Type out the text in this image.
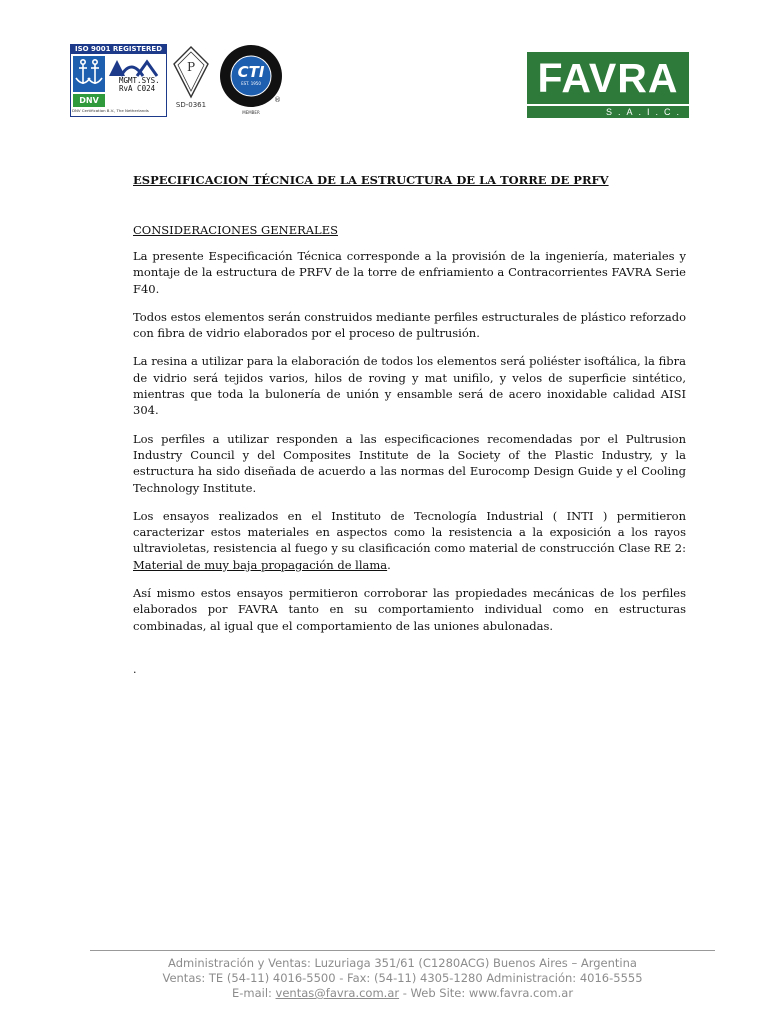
ISO 9001 REGISTERED
DNV
MGMT.SYS.
RvA C024
DNV Certification B.V., The Netherlands
P
SD-0361
CTI
EST. 1950
®
MEMBER
FAVRA
S.A.I.C.
ESPECIFICACION TÉCNICA DE LA ESTRUCTURA DE LA TORRE DE PRFV
CONSIDERACIONES GENERALES

La presente Especificación Técnica corresponde a la provisión de la ingeniería, materiales y montaje de la estructura de PRFV de la torre de enfriamiento a Contracorrientes FAVRA Serie F40.

Todos estos elementos serán construidos mediante perfiles estructurales de plástico reforzado con fibra de vidrio elaborados por el proceso de pultrusión.

La resina a utilizar para la elaboración de todos los elementos será poliéster isoftálica, la fibra de vidrio será tejidos varios, hilos de roving y mat unifilo, y velos de superficie sintético, mientras que toda la bulonería de unión y ensamble será de acero inoxidable calidad AISI 304.

Los perfiles a utilizar responden a las especificaciones recomendadas por el Pultrusion Industry Council y del Composites Institute de la Society of the Plastic Industry, y la estructura ha sido diseñada de acuerdo a las normas del Eurocomp Design Guide y el Cooling Technology Institute.

Los ensayos realizados en el Instituto de Tecnología Industrial ( INTI ) permitieron caracterizar estos materiales en aspectos como la resistencia a la exposición a los rayos ultravioletas, resistencia al fuego y su clasificación como material de construcción Clase RE 2: Material de muy baja propagación de llama.

Así mismo estos ensayos permitieron corroborar las propiedades mecánicas de los perfiles elaborados por FAVRA tanto en su comportamiento individual como en estructuras combinadas, al igual que el comportamiento de las uniones abulonadas.

.
Administración y Ventas: Luzuriaga 351/61 (C1280ACG) Buenos Aires – Argentina
Ventas: TE (54-11) 4016-5500 - Fax: (54-11) 4305-1280 Administración: 4016-5555
E-mail: ventas@favra.com.ar - Web Site: www.favra.com.ar
